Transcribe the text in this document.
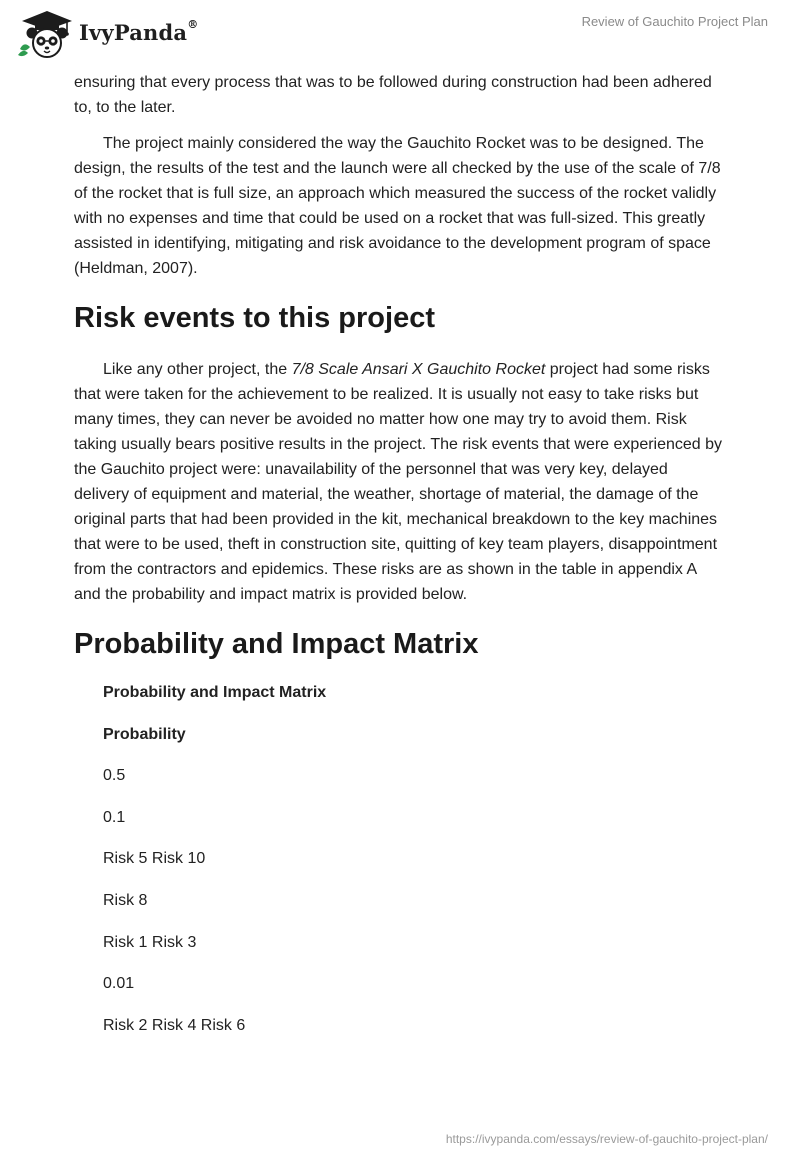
IvyPanda®	Review of Gauchito Project Plan

ensuring that every process that was to be followed during construction had been adhered to, to the later.

The project mainly considered the way the Gauchito Rocket was to be designed. The design, the results of the test and the launch were all checked by the use of the scale of 7/8 of the rocket that is full size, an approach which measured the success of the rocket validly with no expenses and time that could be used on a rocket that was full-sized. This greatly assisted in identifying, mitigating and risk avoidance to the development program of space (Heldman, 2007).

Risk events to this project

Like any other project, the 7/8 Scale Ansari X Gauchito Rocket project had some risks that were taken for the achievement to be realized. It is usually not easy to take risks but many times, they can never be avoided no matter how one may try to avoid them. Risk taking usually bears positive results in the project. The risk events that were experienced by the Gauchito project were: unavailability of the personnel that was very key, delayed delivery of equipment and material, the weather, shortage of material, the damage of the original parts that had been provided in the kit, mechanical breakdown to the key machines that were to be used, theft in construction site, quitting of key team players, disappointment from the contractors and epidemics. These risks are as shown in the table in appendix A and the probability and impact matrix is provided below.

Probability and Impact Matrix
Probability and Impact Matrix
Probability
0.5
0.1
Risk 5 Risk 10
Risk 8
Risk 1 Risk 3
0.01
Risk 2 Risk 4 Risk 6
https://ivypanda.com/essays/review-of-gauchito-project-plan/
